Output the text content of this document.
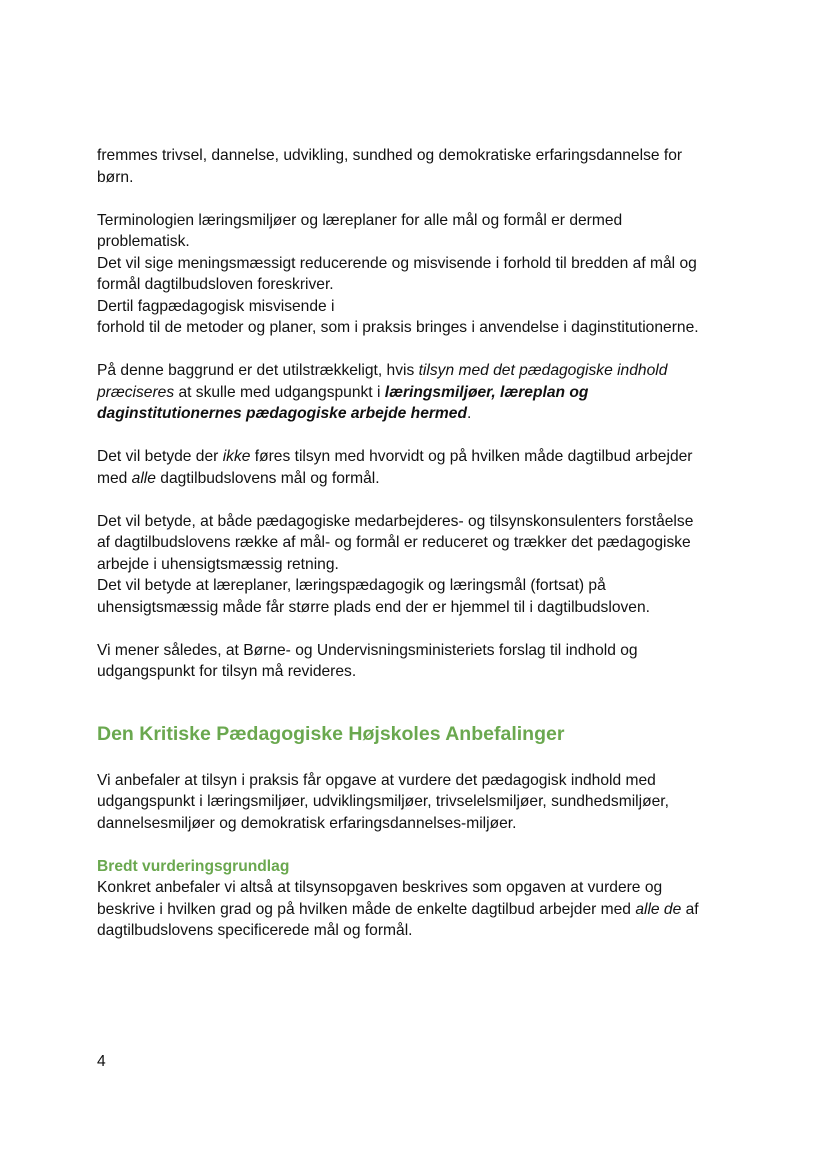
fremmes trivsel, dannelse, udvikling, sundhed og demokratiske erfaringsdannelse for
børn.
Terminologien læringsmiljøer og læreplaner for alle mål og formål er dermed
problematisk.
Det vil sige meningsmæssigt reducerende og misvisende i forhold til bredden af mål og
formål dagtilbudsloven foreskriver.
Dertil fagpædagogisk misvisende i
forhold til de metoder og planer, som i praksis bringes i anvendelse i daginstitutionerne.
På denne baggrund er det utilstrækkeligt, hvis tilsyn med det pædagogiske indhold
præciseres at skulle med udgangspunkt i læringsmiljøer, læreplan og
daginstitutionernes pædagogiske arbejde hermed.
Det vil betyde der ikke føres tilsyn med hvorvidt og på hvilken måde dagtilbud arbejder
med alle dagtilbudslovens mål og formål.
Det vil betyde, at både pædagogiske medarbejderes- og tilsynskonsulenters forståelse
af dagtilbudslovens række af mål- og formål er reduceret og trækker det pædagogiske
arbejde i uhensigtsmæssig retning.
Det vil betyde at læreplaner, læringspædagogik og læringsmål (fortsat) på
uhensigtsmæssig måde får større plads end der er hjemmel til i dagtilbudsloven.
Vi mener således, at Børne- og Undervisningsministeriets forslag til indhold og
udgangspunkt for tilsyn må revideres.
Den Kritiske Pædagogiske Højskoles Anbefalinger
Vi anbefaler at tilsyn i praksis får opgave at vurdere det pædagogisk indhold med
udgangspunkt i læringsmiljøer, udviklingsmiljøer, trivselelsmiljøer, sundhedsmiljøer,
dannelsesmiljøer og demokratisk erfaringsdannelses-miljøer.
Bredt vurderingsgrundlag
Konkret anbefaler vi altså at tilsynsopgaven beskrives som opgaven at vurdere og
beskrive i hvilken grad og på hvilken måde de enkelte dagtilbud arbejder med alle de af
dagtilbudslovens specificerede mål og formål.
4
